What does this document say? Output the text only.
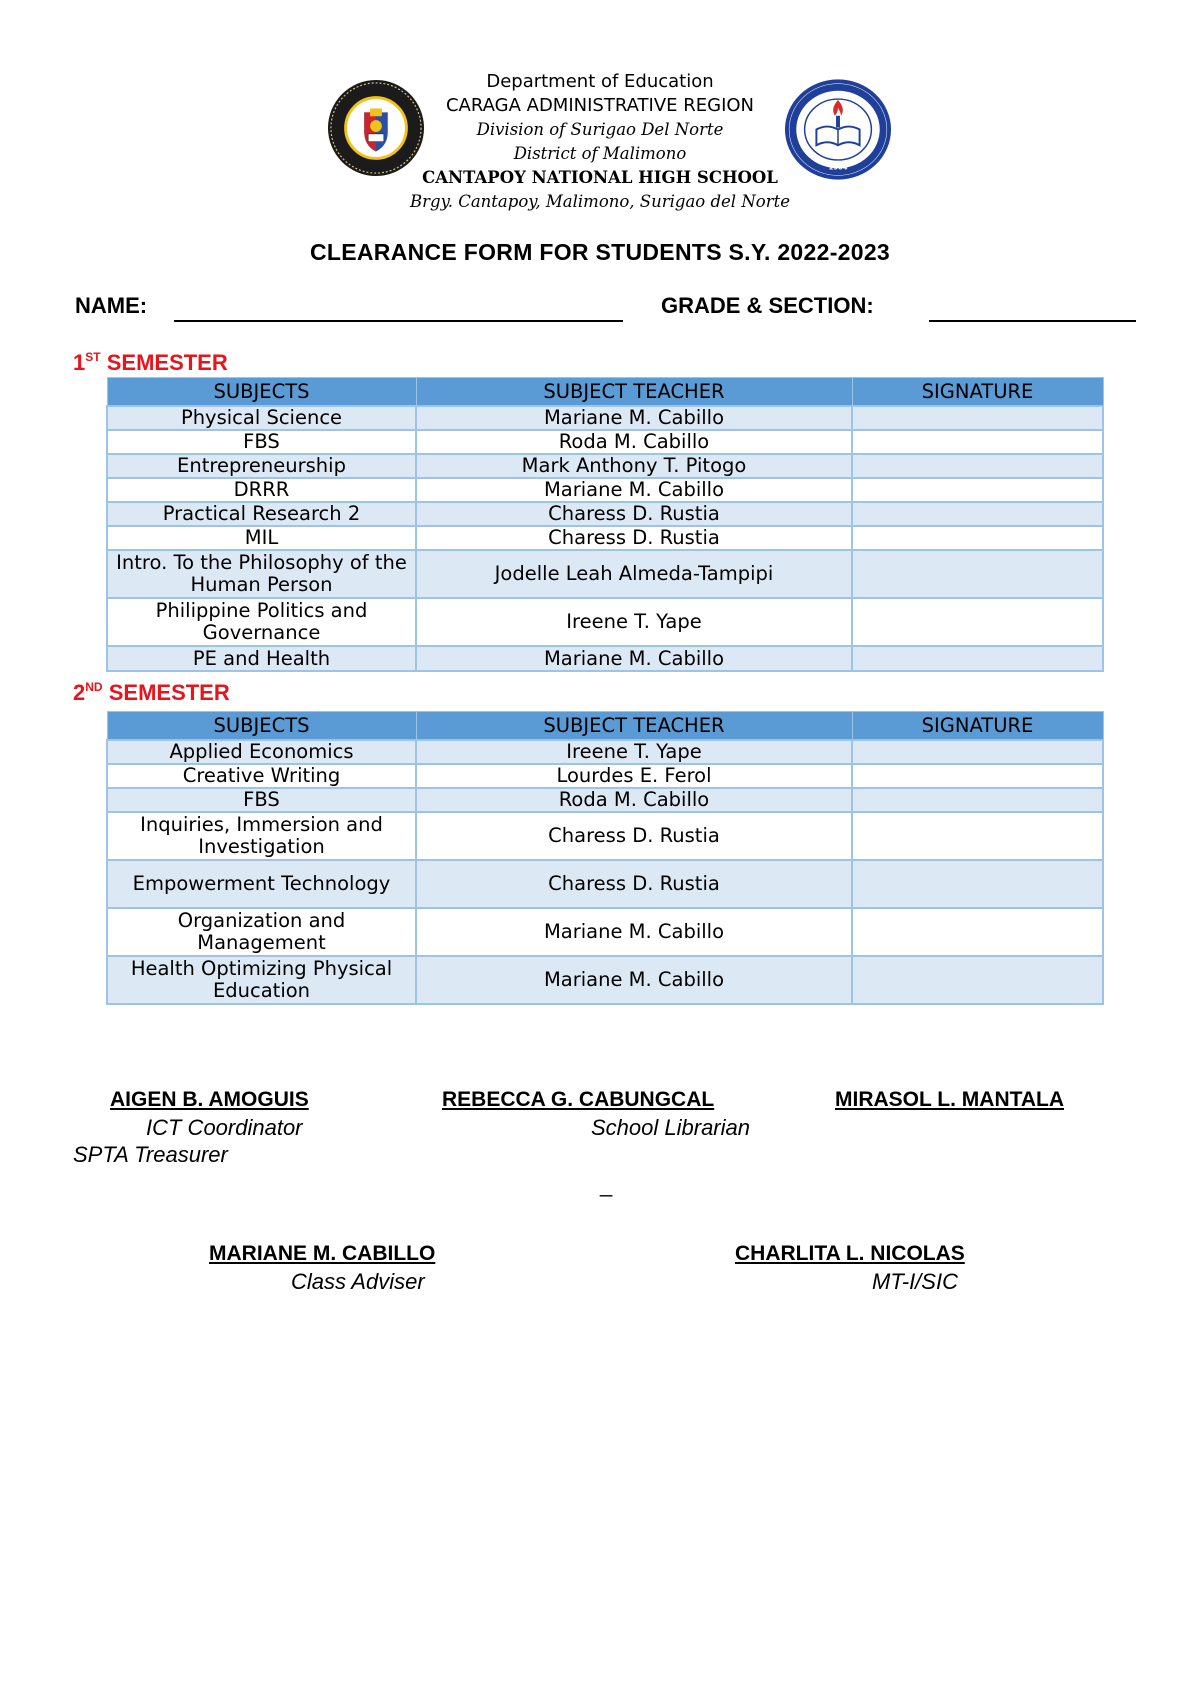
Department of Education
CARAGA ADMINISTRATIVE REGION
Division of Surigao Del Norte
District of Malimono
CANTAPOY NATIONAL HIGH SCHOOL
Brgy. Cantapoy, Malimono, Surigao del Norte
1964
CLEARANCE FORM FOR STUDENTS S.Y. 2022-2023
NAME:	GRADE & SECTION:
1ST SEMESTER
SUBJECTS	SUBJECT TEACHER	SIGNATURE
Physical Science	Mariane M. Cabillo	
FBS	Roda M. Cabillo	
Entrepreneurship	Mark Anthony T. Pitogo	
DRRR	Mariane M. Cabillo	
Practical Research 2	Charess D. Rustia	
MIL	Charess D. Rustia	
Intro. To the Philosophy of the Human Person	Jodelle Leah Almeda-Tampipi	
Philippine Politics and Governance	Ireene T. Yape	
PE and Health	Mariane M. Cabillo	
2ND SEMESTER
SUBJECTS	SUBJECT TEACHER	SIGNATURE
Applied Economics	Ireene T. Yape	
Creative Writing	Lourdes E. Ferol	
FBS	Roda M. Cabillo	
Inquiries, Immersion and Investigation	Charess D. Rustia	
Empowerment Technology	Charess D. Rustia	
Organization and Management	Mariane M. Cabillo	
Health Optimizing Physical Education	Mariane M. Cabillo	
AIGEN B. AMOGUIS
ICT Coordinator
REBECCA G. CABUNGCAL
School Librarian
MIRASOL L. MANTALA
SPTA Treasurer
_
MARIANE M. CABILLO
Class Adviser
CHARLITA L. NICOLAS
MT-I/SIC
